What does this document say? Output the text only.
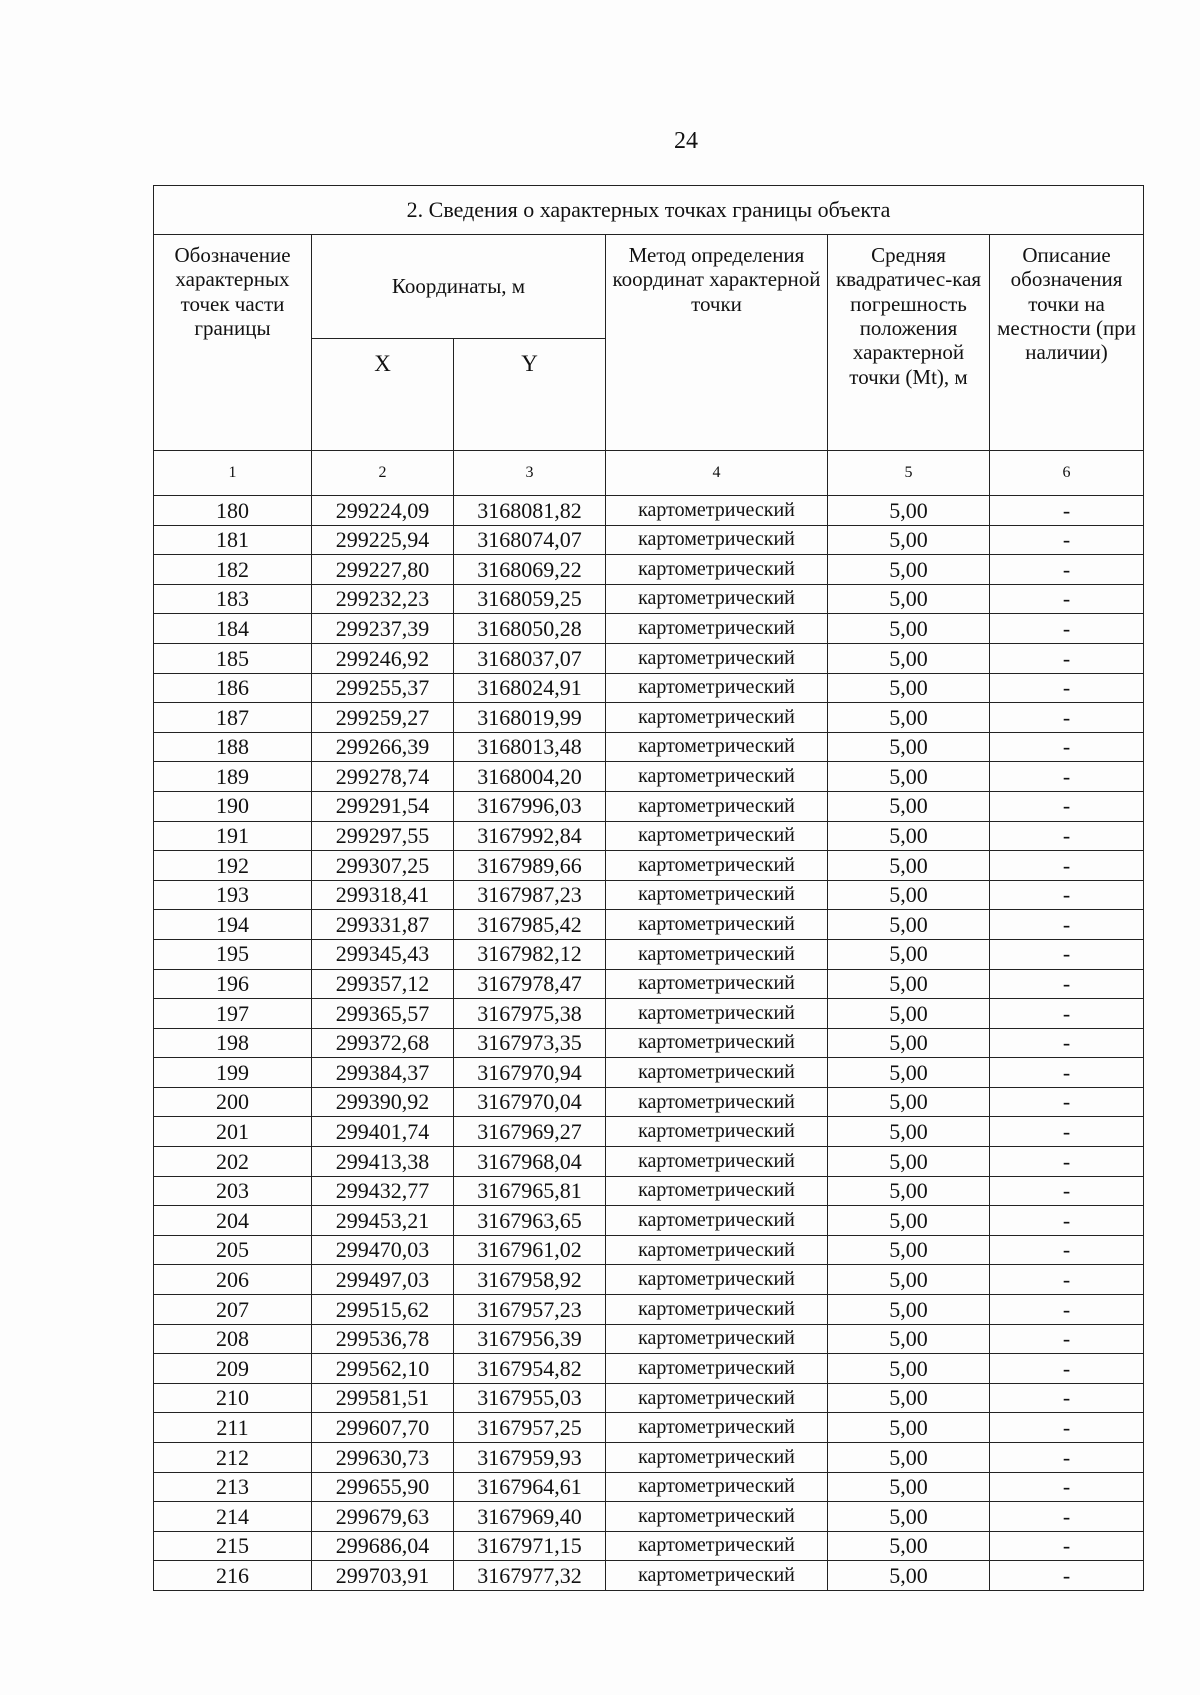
24
2. Сведения о характерных точках границы объекта					
Обозначение характерных точек части границы	Координаты, м		Метод определения координат характерной точки	Средняя квадратичес-кая погрешность положения характерной точки (Mt), м	Описание обозначения точки на местности (при наличии)
	X	Y			
1	2	3	4	5	6
180	299224,09	3168081,82	картометрический	5,00	-
181	299225,94	3168074,07	картометрический	5,00	-
182	299227,80	3168069,22	картометрический	5,00	-
183	299232,23	3168059,25	картометрический	5,00	-
184	299237,39	3168050,28	картометрический	5,00	-
185	299246,92	3168037,07	картометрический	5,00	-
186	299255,37	3168024,91	картометрический	5,00	-
187	299259,27	3168019,99	картометрический	5,00	-
188	299266,39	3168013,48	картометрический	5,00	-
189	299278,74	3168004,20	картометрический	5,00	-
190	299291,54	3167996,03	картометрический	5,00	-
191	299297,55	3167992,84	картометрический	5,00	-
192	299307,25	3167989,66	картометрический	5,00	-
193	299318,41	3167987,23	картометрический	5,00	-
194	299331,87	3167985,42	картометрический	5,00	-
195	299345,43	3167982,12	картометрический	5,00	-
196	299357,12	3167978,47	картометрический	5,00	-
197	299365,57	3167975,38	картометрический	5,00	-
198	299372,68	3167973,35	картометрический	5,00	-
199	299384,37	3167970,94	картометрический	5,00	-
200	299390,92	3167970,04	картометрический	5,00	-
201	299401,74	3167969,27	картометрический	5,00	-
202	299413,38	3167968,04	картометрический	5,00	-
203	299432,77	3167965,81	картометрический	5,00	-
204	299453,21	3167963,65	картометрический	5,00	-
205	299470,03	3167961,02	картометрический	5,00	-
206	299497,03	3167958,92	картометрический	5,00	-
207	299515,62	3167957,23	картометрический	5,00	-
208	299536,78	3167956,39	картометрический	5,00	-
209	299562,10	3167954,82	картометрический	5,00	-
210	299581,51	3167955,03	картометрический	5,00	-
211	299607,70	3167957,25	картометрический	5,00	-
212	299630,73	3167959,93	картометрический	5,00	-
213	299655,90	3167964,61	картометрический	5,00	-
214	299679,63	3167969,40	картометрический	5,00	-
215	299686,04	3167971,15	картометрический	5,00	-
216	299703,91	3167977,32	картометрический	5,00	-
